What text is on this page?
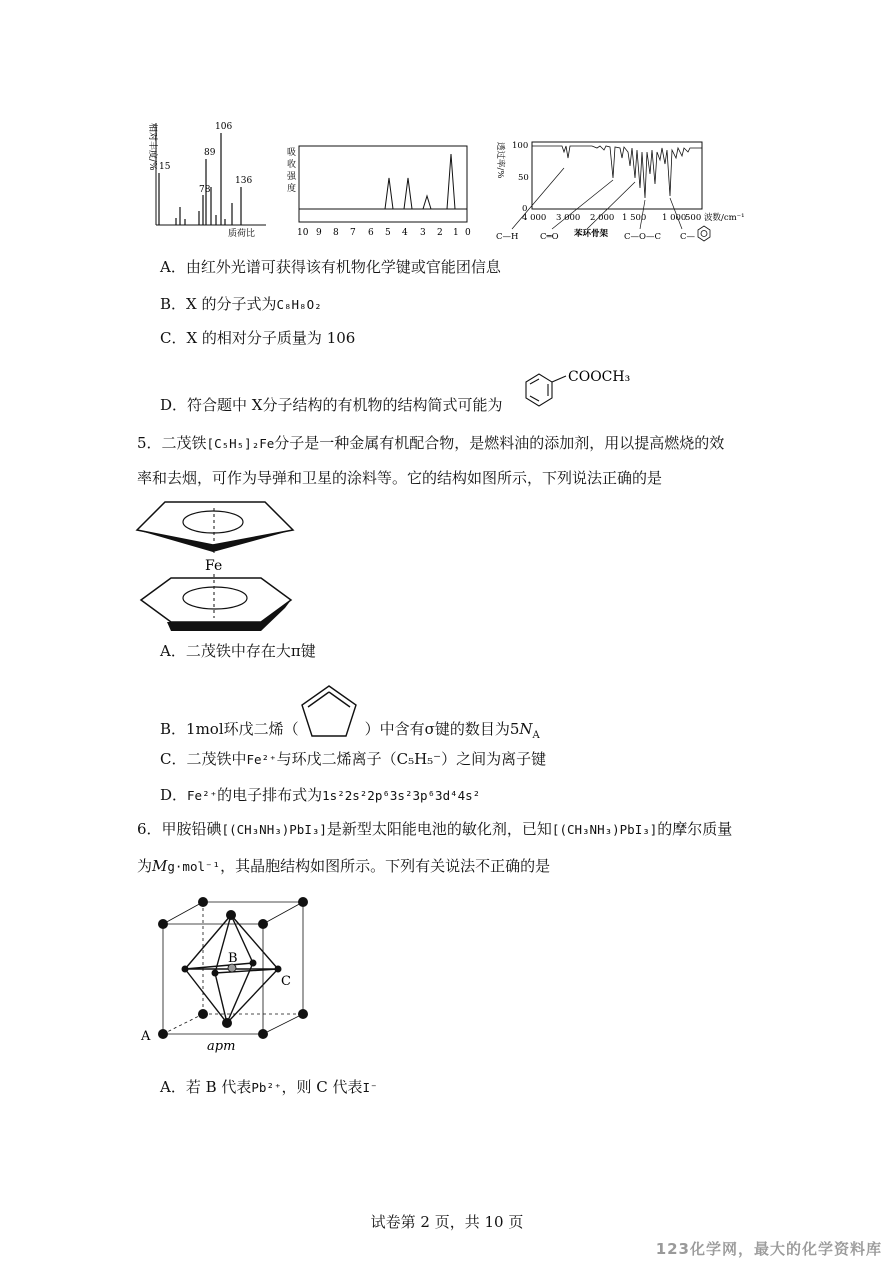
相对丰度/% 15
78
89
106
136
质荷比
吸收强度
10 9 8 7 6 5 4 3 2 1 0
透过率/% 100
50
0
4 000 3 000 2 000 1 500 1 000
500 波数/cm⁻¹
C—H	C═O 苯环骨架 C—O—C C—
A．由红外光谱可获得该有机物化学键或官能团信息
B．X 的分子式为C₈H₈O₂
C．X 的相对分子质量为 106
D．符合题中 X分子结构的有机物的结构简式可能为
COOCH₃
5．二茂铁[C₅H₅]₂Fe分子是一种金属有机配合物，是燃料油的添加剂，用以提高燃烧的效
率和去烟，可作为导弹和卫星的涂料等。它的结构如图所示，下列说法正确的是
Fe
A．二茂铁中存在大π键
B．1mol环戊二烯（	）中含有σ键的数目为$5N_A$
C．二茂铁中Fe²⁺与环戊二烯离子（C₅H₅⁻）之间为离子键
D．Fe²⁺的电子排布式为1s²2s²2p⁶3s²3p⁶3d⁴4s²
6．甲胺铅碘[(CH₃NH₃)PbI₃]是新型太阳能电池的敏化剂，已知[(CH₃NH₃)PbI₃]的摩尔质量
为Mg·mol⁻¹，其晶胞结构如图所示。下列有关说法不正确的是
A
B
C
apm
A．若 B 代表Pb²⁺，则 C 代表I⁻
试卷第 2 页，共 10 页
123化学网，最大的化学资料库
